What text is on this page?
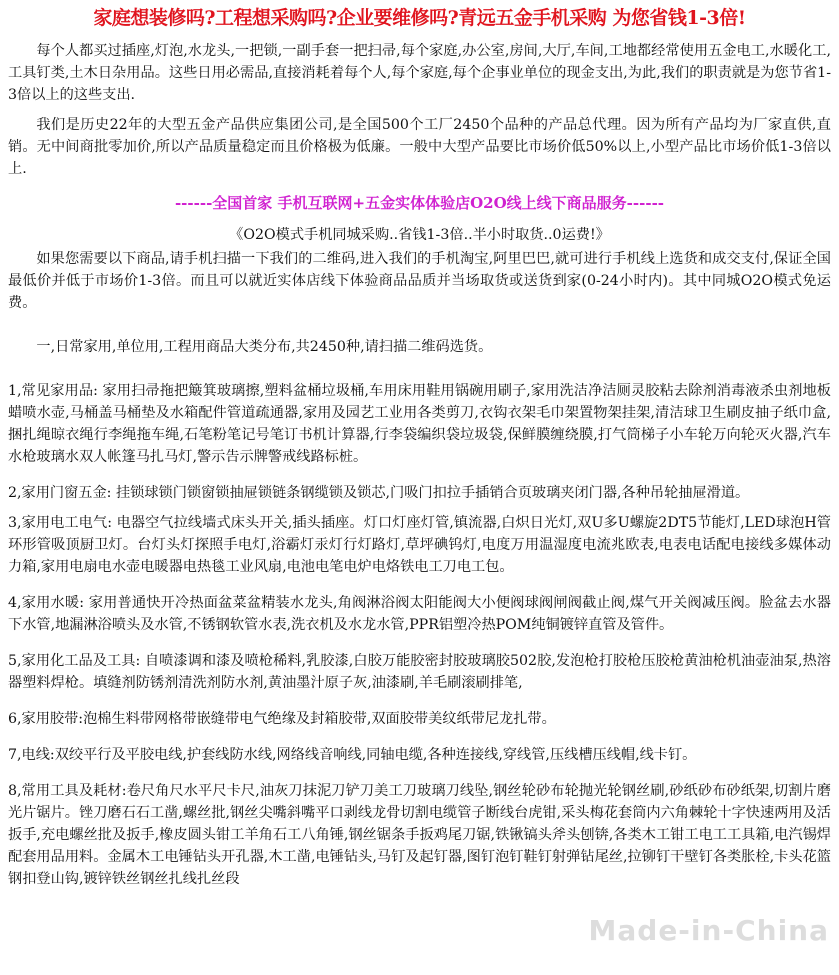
家庭想装修吗?工程想采购吗?企业要维修吗?青远五金手机采购 为您省钱1-3倍!

每个人都买过插座,灯泡,水龙头,一把锁,一副手套一把扫帚,每个家庭,办公室,房间,大厅,车间,工地都经常使用五金电工,水暖化工,工具钉类,土木日杂用品。这些日用必需品,直接消耗着每个人,每个家庭,每个企事业单位的现金支出,为此,我们的职责就是为您节省1-3倍以上的这些支出.

我们是历史22年的大型五金产品供应集团公司,是全国500个工厂2450个品种的产品总代理。因为所有产品均为厂家直供,直销。无中间商批零加价,所以产品质量稳定而且价格极为低廉。一般中大型产品要比市场价低50%以上,小型产品比市场价低1-3倍以上.

------全国首家 手机互联网+五金实体体验店O2O线上线下商品服务------
《O2O模式手机同城采购..省钱1-3倍..半小时取货..0运费!》

如果您需要以下商品,请手机扫描一下我们的二维码,进入我们的手机淘宝,阿里巴巴,就可进行手机线上选货和成交支付,保证全国最低价并低于市场价1-3倍。而且可以就近实体店线下体验商品品质并当场取货或送货到家(0-24小时内)。其中同城O2O模式免运费。

一,日常家用,单位用,工程用商品大类分布,共2450种,请扫描二维码选货。

1,常见家用品: 家用扫帚拖把簸箕玻璃擦,塑料盆桶垃圾桶,车用床用鞋用锅碗用刷子,家用洗洁净洁厕灵胶粘去除剂消毒液杀虫剂地板蜡喷水壶,马桶盖马桶垫及水箱配件管道疏通器,家用及园艺工业用各类剪刀,衣钩衣架毛巾架置物架挂架,清洁球卫生刷皮抽子纸巾盒,捆扎绳晾衣绳行李绳拖车绳,石笔粉笔记号笔订书机计算器,行李袋编织袋垃圾袋,保鲜膜缠绕膜,打气筒梯子小车轮万向轮灭火器,汽车水枪玻璃水双人帐篷马扎马灯,警示告示牌警戒线路标桩。

2,家用门窗五金: 挂锁球锁门锁窗锁抽屉锁链条钢缆锁及锁芯,门吸门扣拉手插销合页玻璃夹闭门器,各种吊轮抽屉滑道。

3,家用电工电气: 电器空气拉线墙式床头开关,插头插座。灯口灯座灯管,镇流器,白炽日光灯,双U多U螺旋2DT5节能灯,LED球泡H管环形管吸顶厨卫灯。台灯头灯探照手电灯,浴霸灯汞灯行灯路灯,草坪碘钨灯,电度万用温湿度电流兆欧表,电表电话配电接线多媒体动力箱,家用电扇电水壶电暖器电热毯工业风扇,电池电笔电炉电烙铁电工刀电工包。

4,家用水暖: 家用普通快开冷热面盆菜盆精装水龙头,角阀淋浴阀太阳能阀大小便阀球阀闸阀截止阀,煤气开关阀减压阀。脸盆去水器下水管,地漏淋浴喷头及水管,不锈钢软管水表,洗衣机及水龙水管,PPR铝塑冷热POM纯铜镀锌直管及管件。

5,家用化工品及工具: 自喷漆调和漆及喷枪稀料,乳胶漆,白胶万能胶密封胶玻璃胶502胶,发泡枪打胶枪压胶枪黄油枪机油壶油泵,热溶器塑料焊枪。填缝剂防锈剂清洗剂防水剂,黄油墨汁原子灰,油漆刷,羊毛刷滚刷排笔,

6,家用胶带:泡棉生料带网格带嵌缝带电气绝缘及封箱胶带,双面胶带美纹纸带尼龙扎带。

7,电线:双绞平行及平胶电线,护套线防水线,网络线音响线,同轴电缆,各种连接线,穿线管,压线槽压线帽,线卡钉。

8,常用工具及耗材:卷尺角尺水平尺卡尺,油灰刀抹泥刀铲刀美工刀玻璃刀线坠,钢丝轮砂布轮抛光轮钢丝刷,砂纸砂布砂纸架,切割片磨光片锯片。锉刀磨石石工凿,螺丝批,钢丝尖嘴斜嘴平口剥线龙骨切割电缆管子断线台虎钳,采头梅花套筒内六角棘轮十字快速两用及活扳手,充电螺丝批及扳手,橡皮圆头钳工羊角石工八角锤,钢丝锯条手扳鸡尾刀锯,铁锹镐头斧头刨锛,各类木工钳工电工工具箱,电汽锡焊配套用品用料。金属木工电锤钻头开孔器,木工凿,电锤钻头,马钉及起钉器,图钉泡钉鞋钉射弹钻尾丝,拉铆钉干壁钉各类胀栓,卡头花篮钢扣登山钩,镀锌铁丝钢丝扎线扎丝段

Made-in-China
